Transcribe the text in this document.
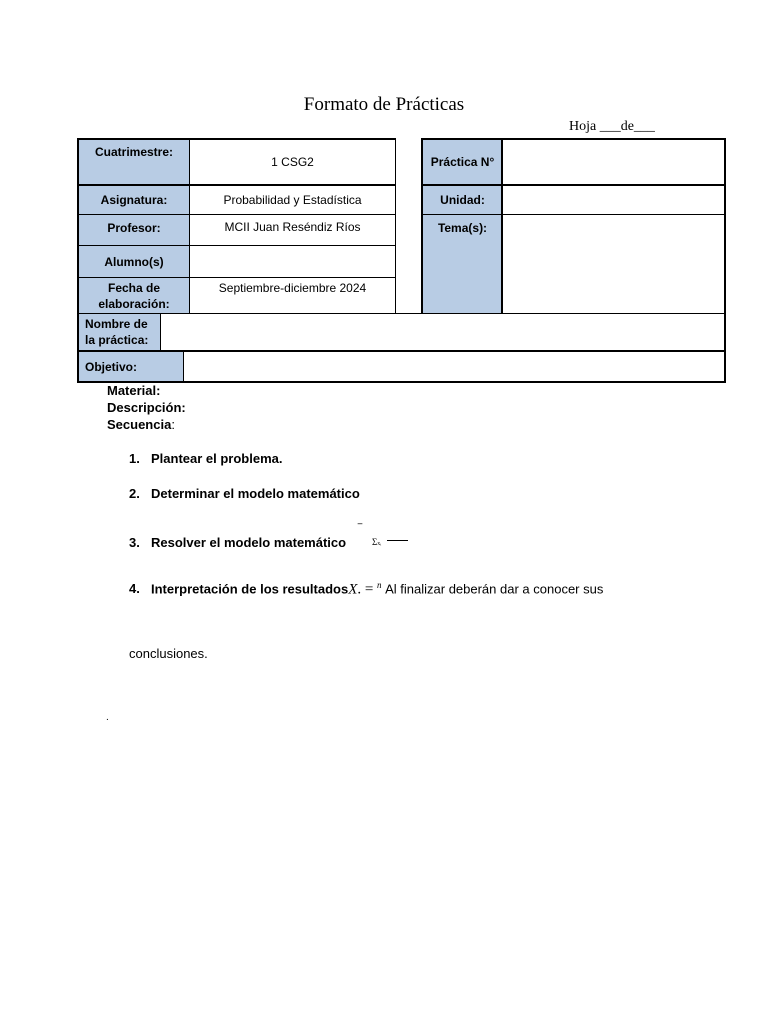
Formato de Prácticas
Hoja ___de___
Cuatrimestre:
1 CSG2
Asignatura:	Probabilidad y Estadística
Profesor:	MCII Juan Reséndiz Ríos
Alumno(s)
Fecha de elaboración:
Septiembre-diciembre 2024
Práctica N°
Unidad:
Tema(s):
Nombre de la práctica:
Objetivo:
Material:
Descripción:
Secuencia:
1. Plantear el problema.
2. Determinar el modelo matemático
3. Resolver el modelo matemático
‾
Σxᵢ
4. Interpretación de los resultadosX. = $^n$ Al finalizar deberán dar a conocer sus
conclusiones.
.
